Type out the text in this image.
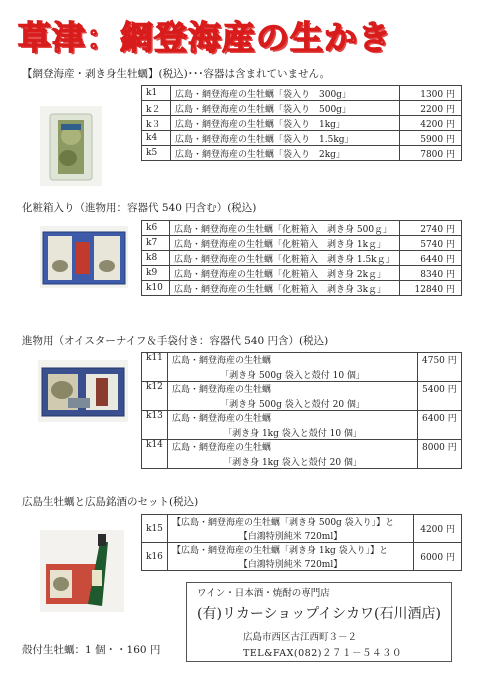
草津：網登海産の生かき
【網登海産・剥き身生牡蠣】(税込)･･･容器は含まれていません。
k1	広島・網登海産の生牡蠣「袋入り　300g」	1300 円
k２	広島・網登海産の生牡蠣「袋入り　500g」	2200 円
k３	広島・網登海産の生牡蠣「袋入り　1kg」	4200 円
k4	広島・網登海産の生牡蠣「袋入り　1.5kg」	5900 円
k5	広島・網登海産の生牡蠣「袋入り　2kg」	7800 円
化粧箱入り（進物用：容器代 540 円含む）(税込)
k6	広島・網登海産の生牡蠣「化粧箱入　剥き身 500ｇ」	2740 円
k7	広島・網登海産の生牡蠣「化粧箱入　剥き身 1kｇ」	5740 円
k8	広島・網登海産の生牡蠣「化粧箱入　剥き身 1.5kｇ」	6440 円
k9	広島・網登海産の生牡蠣「化粧箱入　剥き身 2kｇ」	8340 円
k10	広島・網登海産の生牡蠣「化粧箱入　剥き身 3kｇ」	12840 円
進物用（オイスターナイフ＆手袋付き：容器代 540 円含）(税込)
k11	広島・網登海産の生牡蠣
「剥き身 500g 袋入と殻付 10 個」	4750 円
k12	広島・網登海産の生牡蠣
「剥き身 500g 袋入と殻付 20 個」	5400 円
k13	広島・網登海産の生牡蠣
「剥き身 1kg 袋入と殻付 10 個」	6400 円
k14	広島・網登海産の生牡蠣
「剥き身 1kg 袋入と殻付 20 個」	8000 円
広島生牡蠣と広島銘酒のセット(税込)
k15	【広島・網登海産の生牡蠣「剥き身 500g 袋入り」】と
【白鴻特別純米 720ml】	4200 円
k16	【広島・網登海産の生牡蠣「剥き身 1kg 袋入り」】と
【白鴻特別純米 720ml】	6000 円
殻付生牡蠣：1 個・・160 円
ワイン・日本酒・焼酎の専門店
(有)リカーショップイシカワ(石川酒店)
広島市西区古江西町３－２
TEL&FAX(082)２７１－５４３０
